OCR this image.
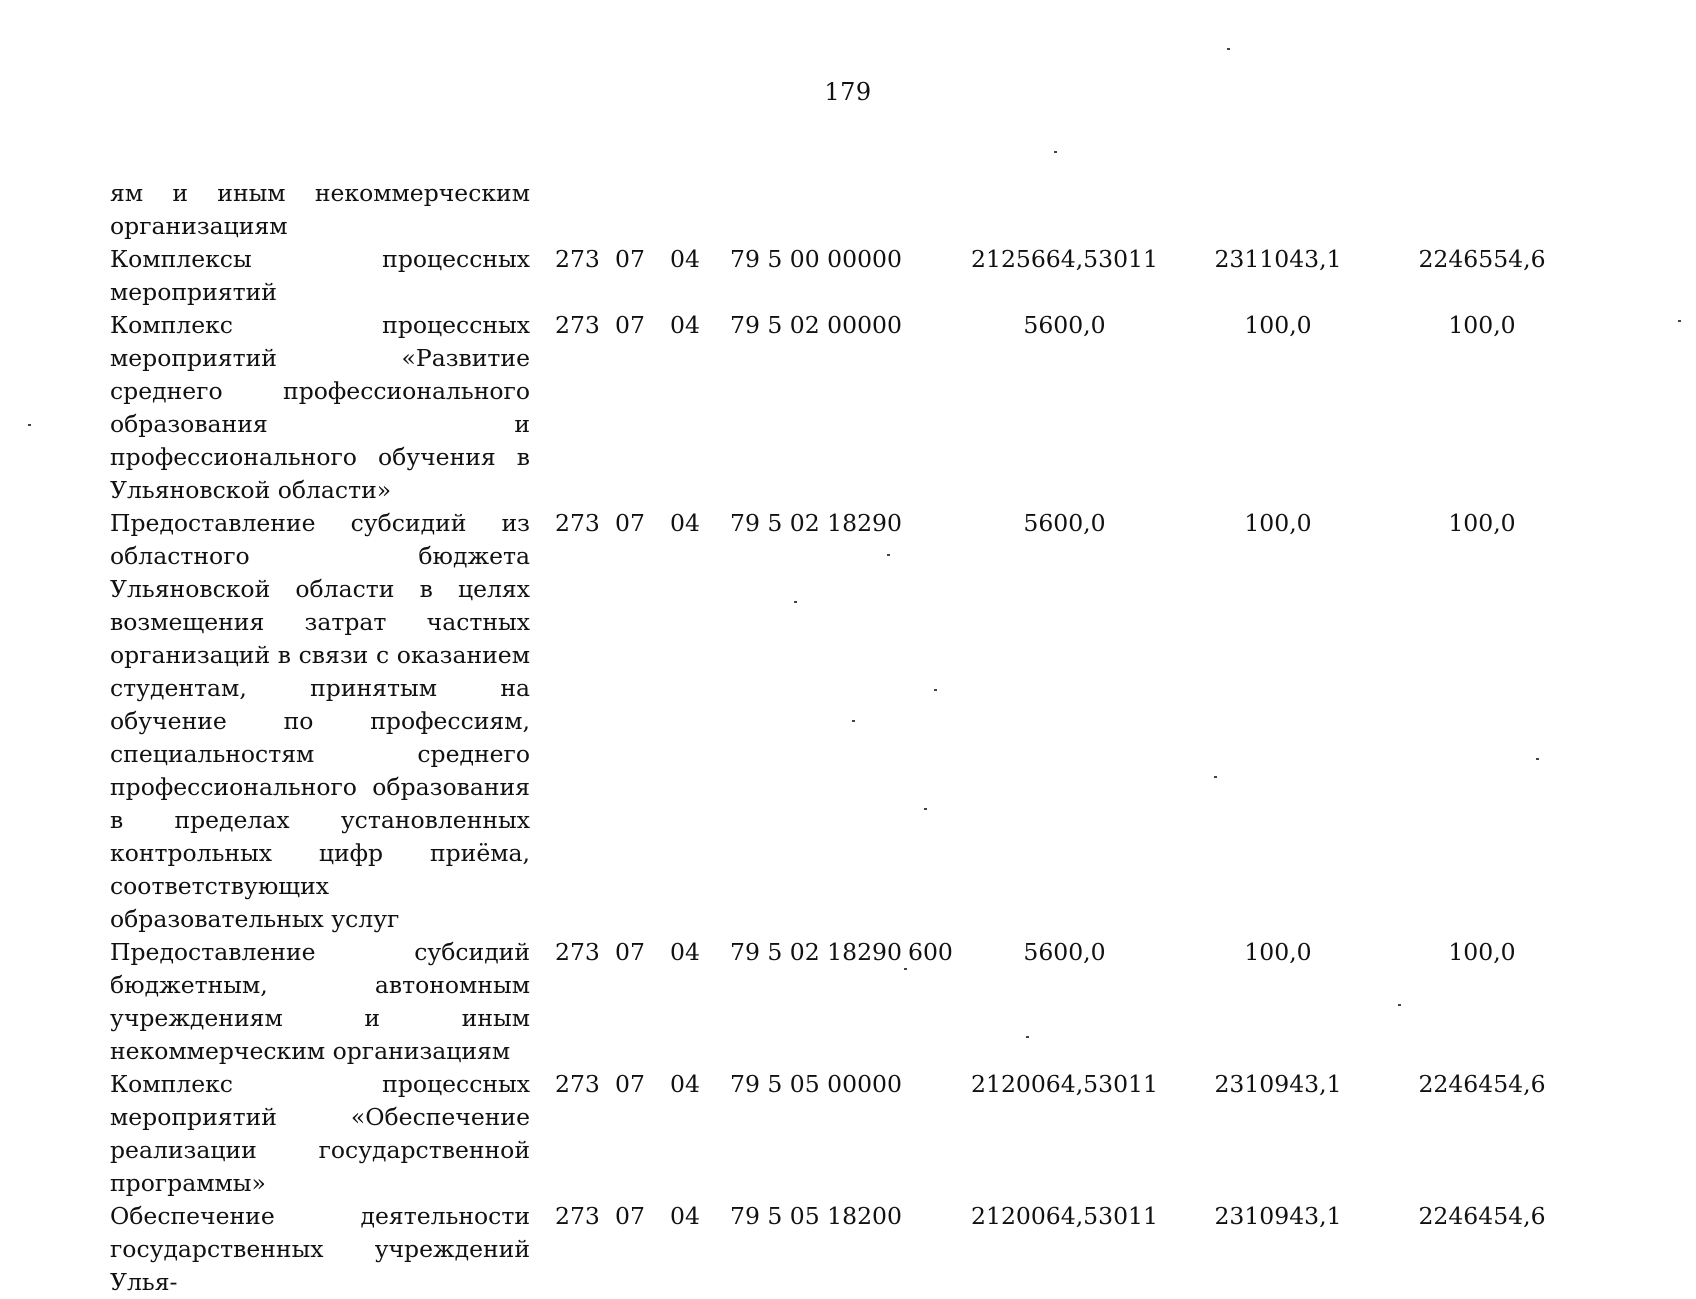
179
ям и иным некоммерческим организациям
Комплексы процессных мероприятий
273 07 04 79 5 00 00000	2125664,53011	2311043,1	2246554,6
Комплекс процессных мероприятий «Развитие среднего профессионального образования и профессионального обучения в Ульяновской области»
273 07 04 79 5 02 00000	5600,0	100,0	100,0
Предоставление субсидий из областного бюджета Ульяновской области в целях возмещения затрат частных организаций в связи с оказанием студентам, принятым на обучение по профессиям, специальностям среднего профессионального образования в пределах установленных контрольных цифр приёма, соответствующих образовательных услуг
273 07 04 79 5 02 18290	5600,0	100,0	100,0
Предоставление субсидий бюджетным, автономным учреждениям и иным некоммерческим организациям
273 07 04 79 5 02 18290 600	5600,0	100,0	100,0
Комплекс процессных мероприятий «Обеспечение реализации государственной программы»
273 07 04 79 5 05 00000	2120064,53011	2310943,1	2246454,6
Обеспечение деятельности государственных учреждений Улья-
273 07 04 79 5 05 18200	2120064,53011	2310943,1	2246454,6
